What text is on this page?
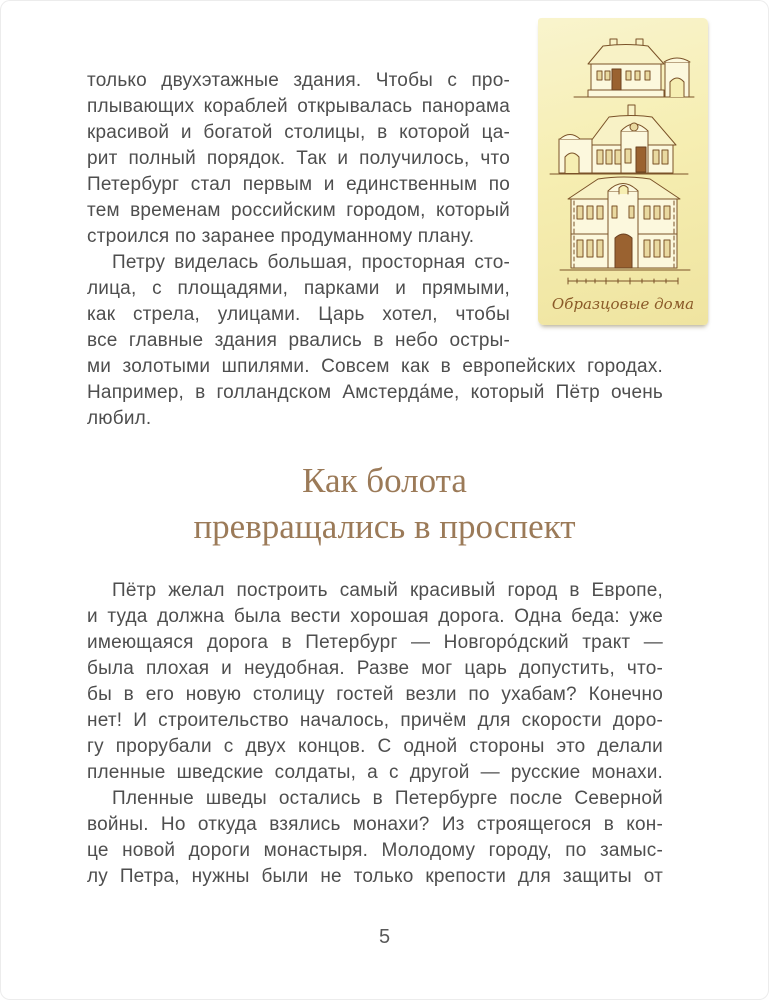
Образцовые дома
только двухэтажные здания. Чтобы с про-
плывающих кораблей открывалась панорама
красивой и богатой столицы, в которой ца-
рит полный порядок. Так и получилось, что
Петербург стал первым и единственным по
тем временам российским городом, который
строился по заранее продуманному плану.
Петру виделась большая, просторная сто-
лица, с площадями, парками и прямыми,
как стрела, улицами. Царь хотел, чтобы
все главные здания рвались в небо остры-
ми золотыми шпилями. Совсем как в европейских городах.
Например, в голландском Амстерда́ме, который Пётр очень
любил.
Как болота
превращались в проспект
Пётр желал построить самый красивый город в Европе,
и туда должна была вести хорошая дорога. Одна беда: уже
имеющаяся дорога в Петербург — Новгоро́дский тракт —
была плохая и неудобная. Разве мог царь допустить, что-
бы в его новую столицу гостей везли по ухабам? Конечно
нет! И строительство началось, причём для скорости доро-
гу прорубали с двух концов. С одной стороны это делали
пленные шведские солдаты, а с другой — русские монахи.
Пленные шведы остались в Петербурге после Северной
войны. Но откуда взялись монахи? Из строящегося в кон-
це новой дороги монастыря. Молодому городу, по замыс-
лу Петра, нужны были не только крепости для защиты от
5
